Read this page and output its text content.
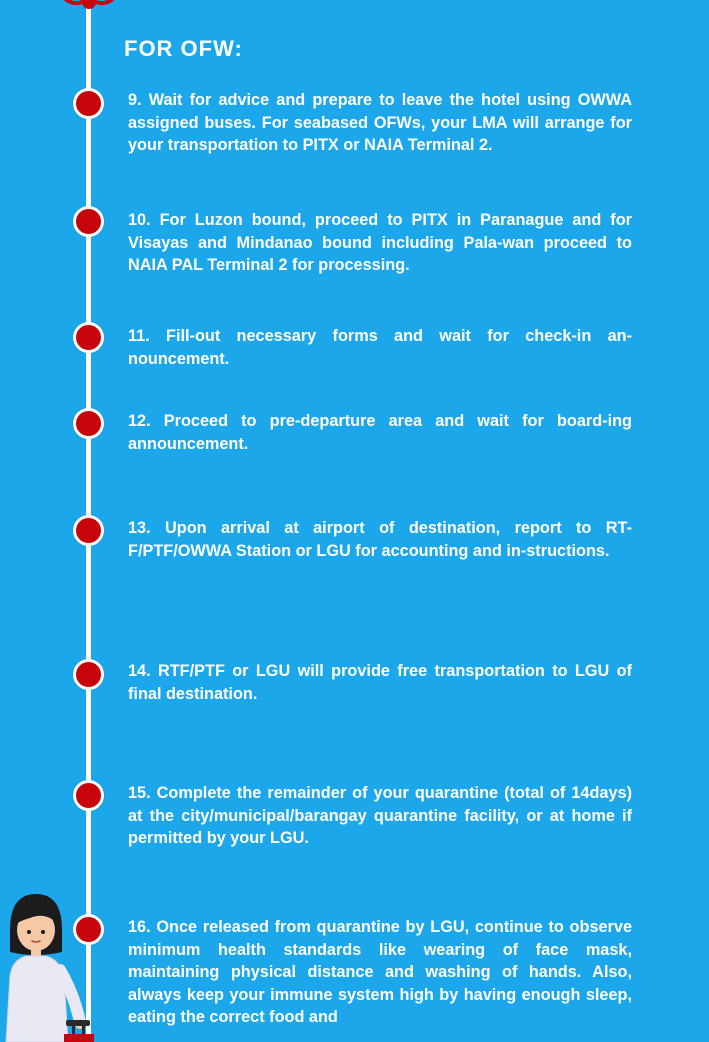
FOR OFW:

9. Wait for advice and prepare to leave the hotel using OWWA assigned buses. For seabased OFWs, your LMA will arrange for your transportation to PITX or NAIA Terminal 2.

10. For Luzon bound, proceed to PITX in Paranague and for Visayas and Mindanao bound including Pala-wan proceed to NAIA PAL Terminal 2 for processing.

11. Fill-out necessary forms and wait for check-in an-nouncement.

12. Proceed to pre-departure area and wait for board-ing announcement.

13. Upon arrival at airport of destination, report to RT-F/PTF/OWWA Station or LGU for accounting and in-structions.

14. RTF/PTF or LGU will provide free transportation to LGU of final destination.

15. Complete the remainder of your quarantine (total of 14days) at the city/municipal/barangay quarantine facility, or at home if permitted by your LGU.

16. Once released from quarantine by LGU, continue to observe minimum health standards like wearing of face mask, maintaining physical distance and washing of hands. Also, always keep your immune system high by having enough sleep, eating the correct food and
